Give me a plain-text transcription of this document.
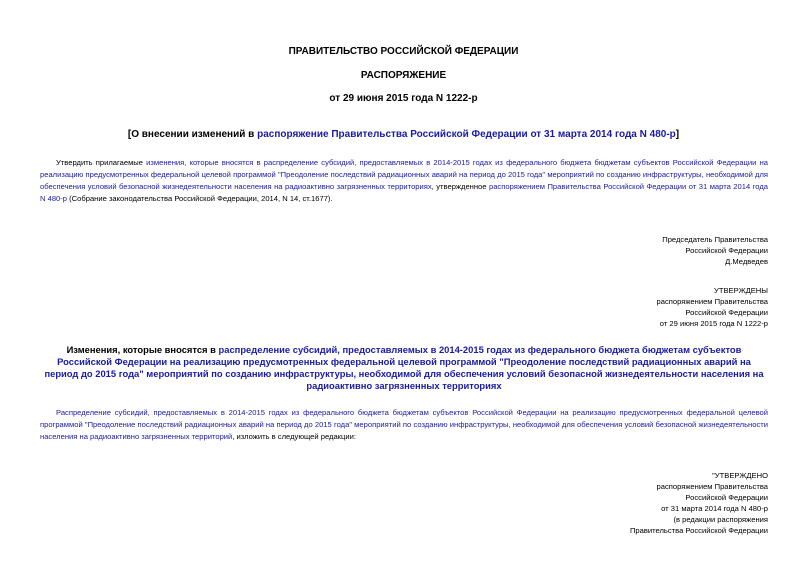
ПРАВИТЕЛЬСТВО РОССИЙСКОЙ ФЕДЕРАЦИИ
РАСПОРЯЖЕНИЕ
от 29 июня 2015 года N 1222-р
[О внесении изменений в распоряжение Правительства Российской Федерации от 31 марта 2014 года N 480-р]
Утвердить прилагаемые изменения, которые вносятся в распределение субсидий, предоставляемых в 2014-2015 годах из федерального бюджета бюджетам субъектов Российской Федерации на реализацию предусмотренных федеральной целевой программой "Преодоление последствий радиационных аварий на период до 2015 года" мероприятий по созданию инфраструктуры, необходимой для обеспечения условий безопасной жизнедеятельности населения на радиоактивно загрязненных территориях, утвержденное распоряжением Правительства Российской Федерации от 31 марта 2014 года N 480-р (Собрание законодательства Российской Федерации, 2014, N 14, ст.1677).
Председатель Правительства
Российской Федерации
Д.Медведев
УТВЕРЖДЕНЫ
распоряжением Правительства
Российской Федерации
от 29 июня 2015 года N 1222-р
Изменения, которые вносятся в распределение субсидий, предоставляемых в 2014-2015 годах из федерального бюджета бюджетам субъектов Российской Федерации на реализацию предусмотренных федеральной целевой программой "Преодоление последствий радиационных аварий на период до 2015 года" мероприятий по созданию инфраструктуры, необходимой для обеспечения условий безопасной жизнедеятельности населения на радиоактивно загрязненных территориях
Распределение субсидий, предоставляемых в 2014-2015 годах из федерального бюджета бюджетам субъектов Российской Федерации на реализацию предусмотренных федеральной целевой программой "Преодоление последствий радиационных аварий на период до 2015 года" мероприятий по созданию инфраструктуры, необходимой для обеспечения условий безопасной жизнедеятельности населения на радиоактивно загрязненных территорий, изложить в следующей редакции:
"УТВЕРЖДЕНО
распоряжением Правительства
Российской Федерации
от 31 марта 2014 года N 480-р
(в редакции распоряжения
Правительства Российской Федерации
